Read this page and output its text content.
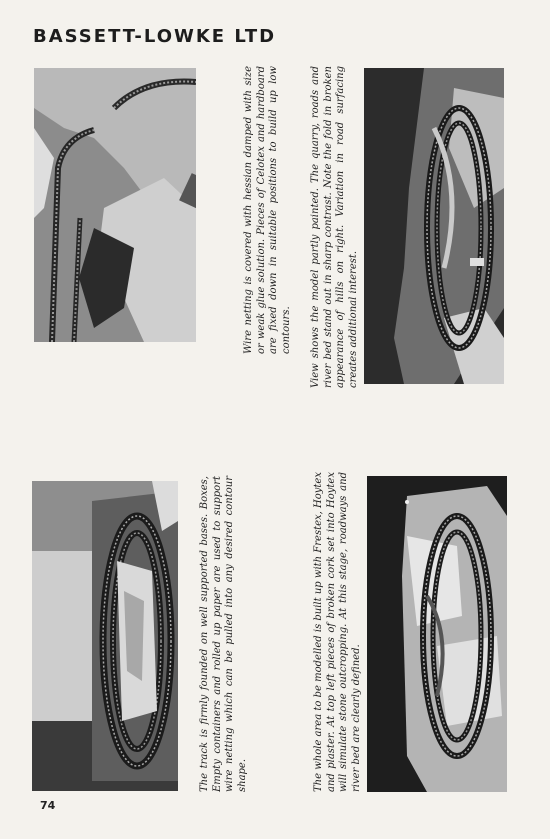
BASSETT-LOWKE LTD
Wire netting is covered with hessian damped with size or weak glue solution. Pieces of Celotex and hardboard are fixed down in suitable positions to build up low contours. View shows the model partly painted. The quarry, roads and river bed stand out in sharp contrast. Note the fold in broken appearance of hills on right. Variation in road surfacing creates additional interest.
The track is firmly founded on well supported bases. Boxes, Empty containers and rolled up paper are used to support wire netting which can be pulled into any desired contour shape.	The whole area to be modelled is built up with Frestex, Hoytex and plaster. At top left pieces of broken cork set into Hoytex will simulate stone outcropping. At this stage, roadways and river bed are clearly defined.
74
